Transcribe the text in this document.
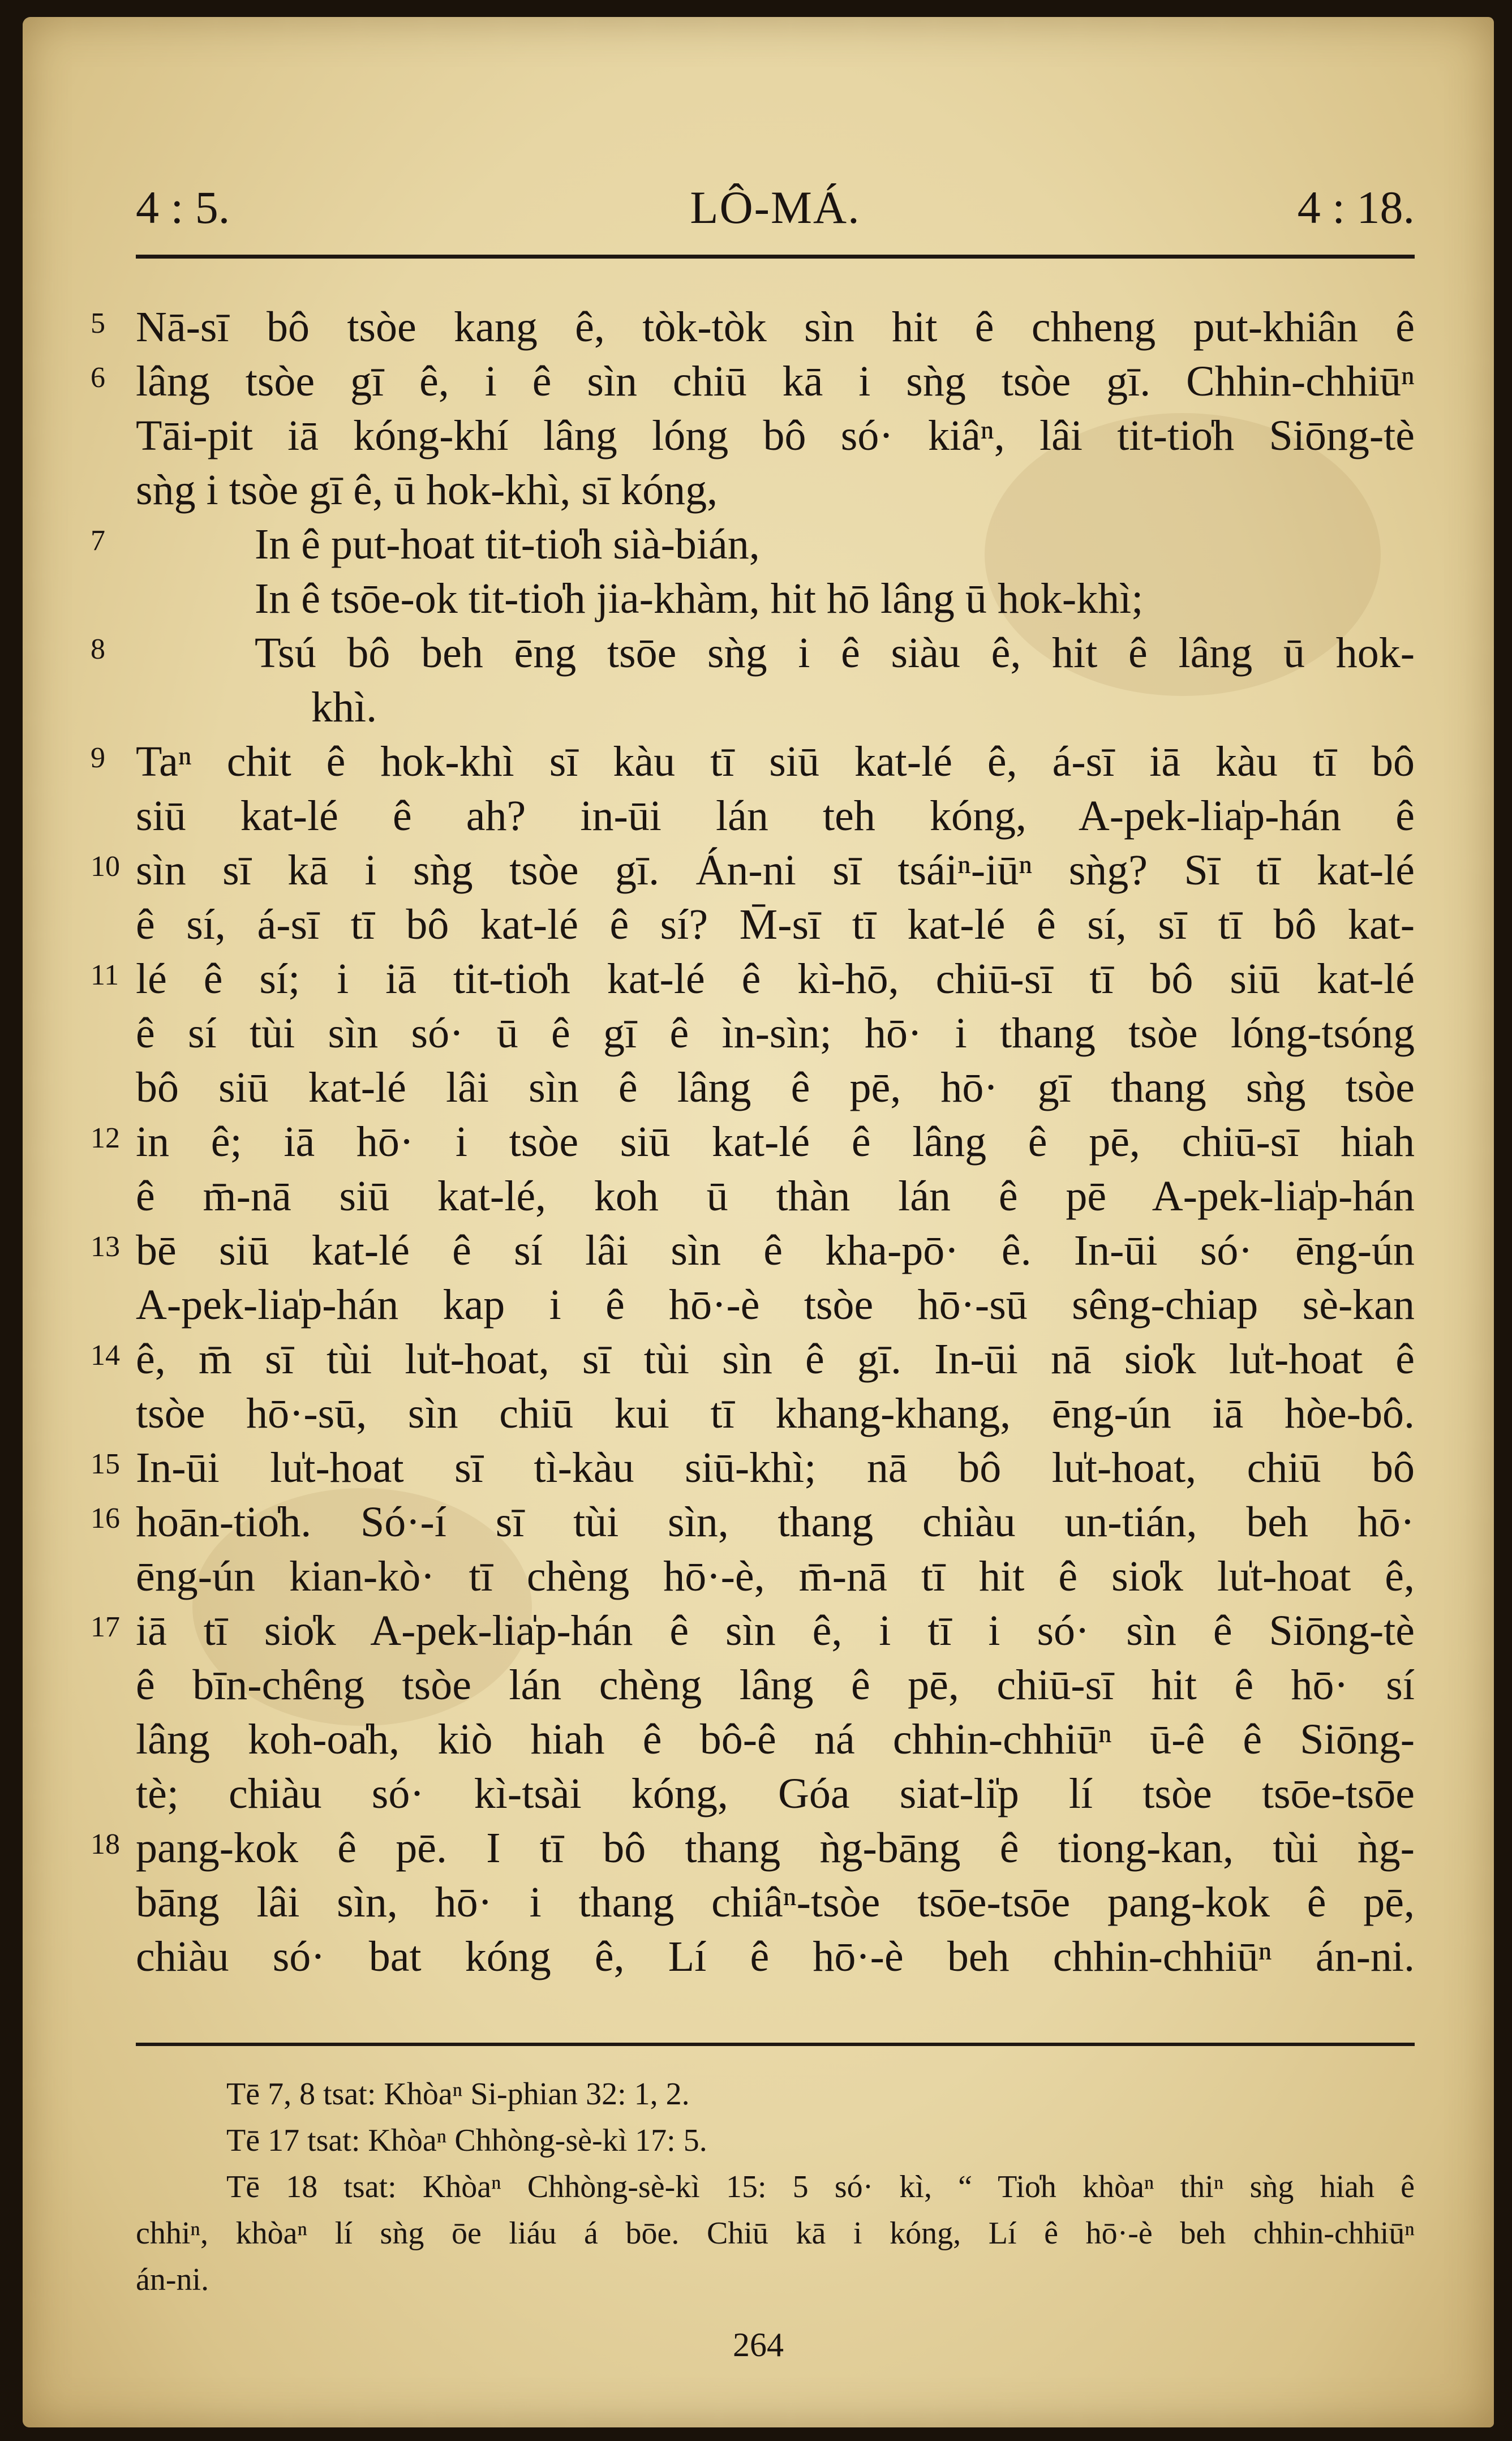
4 : 5.	LÔ-MÁ.	4 : 18.
5 Nā-sī bô tsòe kang ê, tòk-tòk sìn hit ê chheng put-khiân ê
6 lâng tsòe gī ê, i ê sìn chiū kā i sǹg tsòe gī. Chhin-chhiūⁿ
Tāi-pit iā kóng-khí lâng lóng bô só· kiâⁿ, lâi tit-tio̍h Siōng-tè
sǹg i tsòe gī ê, ū hok-khì, sī kóng,
7	In ê put-hoat tit-tio̍h sià-bián,
In ê tsōe-ok tit-tio̍h jia-khàm, hit hō lâng ū hok-khì;
8	Tsú bô beh ēng tsōe sǹg i ê siàu ê, hit ê lâng ū hok-
khì.
9 Taⁿ chit ê hok-khì sī kàu tī siū kat-lé ê, á-sī iā kàu tī bô
siū kat-lé ê ah? in-ūi lán teh kóng, A-pek-lia̍p-hán ê
10 sìn sī kā i sǹg tsòe gī. Án-ni sī tsáiⁿ-iūⁿ sǹg? Sī tī kat-lé
ê sí, á-sī tī bô kat-lé ê sí? M̄-sī tī kat-lé ê sí, sī tī bô kat-
11 lé ê sí; i iā tit-tio̍h kat-lé ê kì-hō, chiū-sī tī bô siū kat-lé
ê sí tùi sìn só· ū ê gī ê ìn-sìn; hō· i thang tsòe lóng-tsóng
bô siū kat-lé lâi sìn ê lâng ê pē, hō· gī thang sǹg tsòe
12 in ê; iā hō· i tsòe siū kat-lé ê lâng ê pē, chiū-sī hiah
ê m̄-nā siū kat-lé, koh ū thàn lán ê pē A-pek-lia̍p-hán
13 bē siū kat-lé ê sí lâi sìn ê kha-pō· ê. In-ūi só· ēng-ún
A-pek-lia̍p-hán kap i ê hō·-è tsòe hō·-sū sêng-chiap sè-kan
14 ê, m̄ sī tùi lu̍t-hoat, sī tùi sìn ê gī. In-ūi nā sio̍k lu̍t-hoat ê
tsòe hō·-sū, sìn chiū kui tī khang-khang, ēng-ún iā hòe-bô.
15 In-ūi lu̍t-hoat sī tì-kàu siū-khì; nā bô lu̍t-hoat, chiū bô
16 hoān-tio̍h. Só·-í sī tùi sìn, thang chiàu un-tián, beh hō·
ēng-ún kian-kò· tī chèng hō·-è, m̄-nā tī hit ê sio̍k lu̍t-hoat ê,
17 iā tī sio̍k A-pek-lia̍p-hán ê sìn ê, i tī i só· sìn ê Siōng-tè
ê bīn-chêng tsòe lán chèng lâng ê pē, chiū-sī hit ê hō· sí
lâng koh-oa̍h, kiò hiah ê bô-ê ná chhin-chhiūⁿ ū-ê ê Siōng-
tè; chiàu só· kì-tsài kóng, Góa siat-li̍p lí tsòe tsōe-tsōe
18 pang-kok ê pē. I tī bô thang ǹg-bāng ê tiong-kan, tùi ǹg-
bāng lâi sìn, hō· i thang chiâⁿ-tsòe tsōe-tsōe pang-kok ê pē,
chiàu só· bat kóng ê, Lí ê hō·-è beh chhin-chhiūⁿ án-ni.
Tē 7, 8 tsat: Khòaⁿ Si-phian 32: 1, 2.
Tē 17 tsat: Khòaⁿ Chhòng-sè-kì 17: 5.
Tē 18 tsat: Khòaⁿ Chhòng-sè-kì 15: 5 só· kì, “ Tio̍h khòaⁿ thiⁿ sǹg hiah ê
chhiⁿ, khòaⁿ lí sǹg ōe liáu á bōe. Chiū kā i kóng, Lí ê hō·-è beh chhin-chhiūⁿ
án-ni.
264
